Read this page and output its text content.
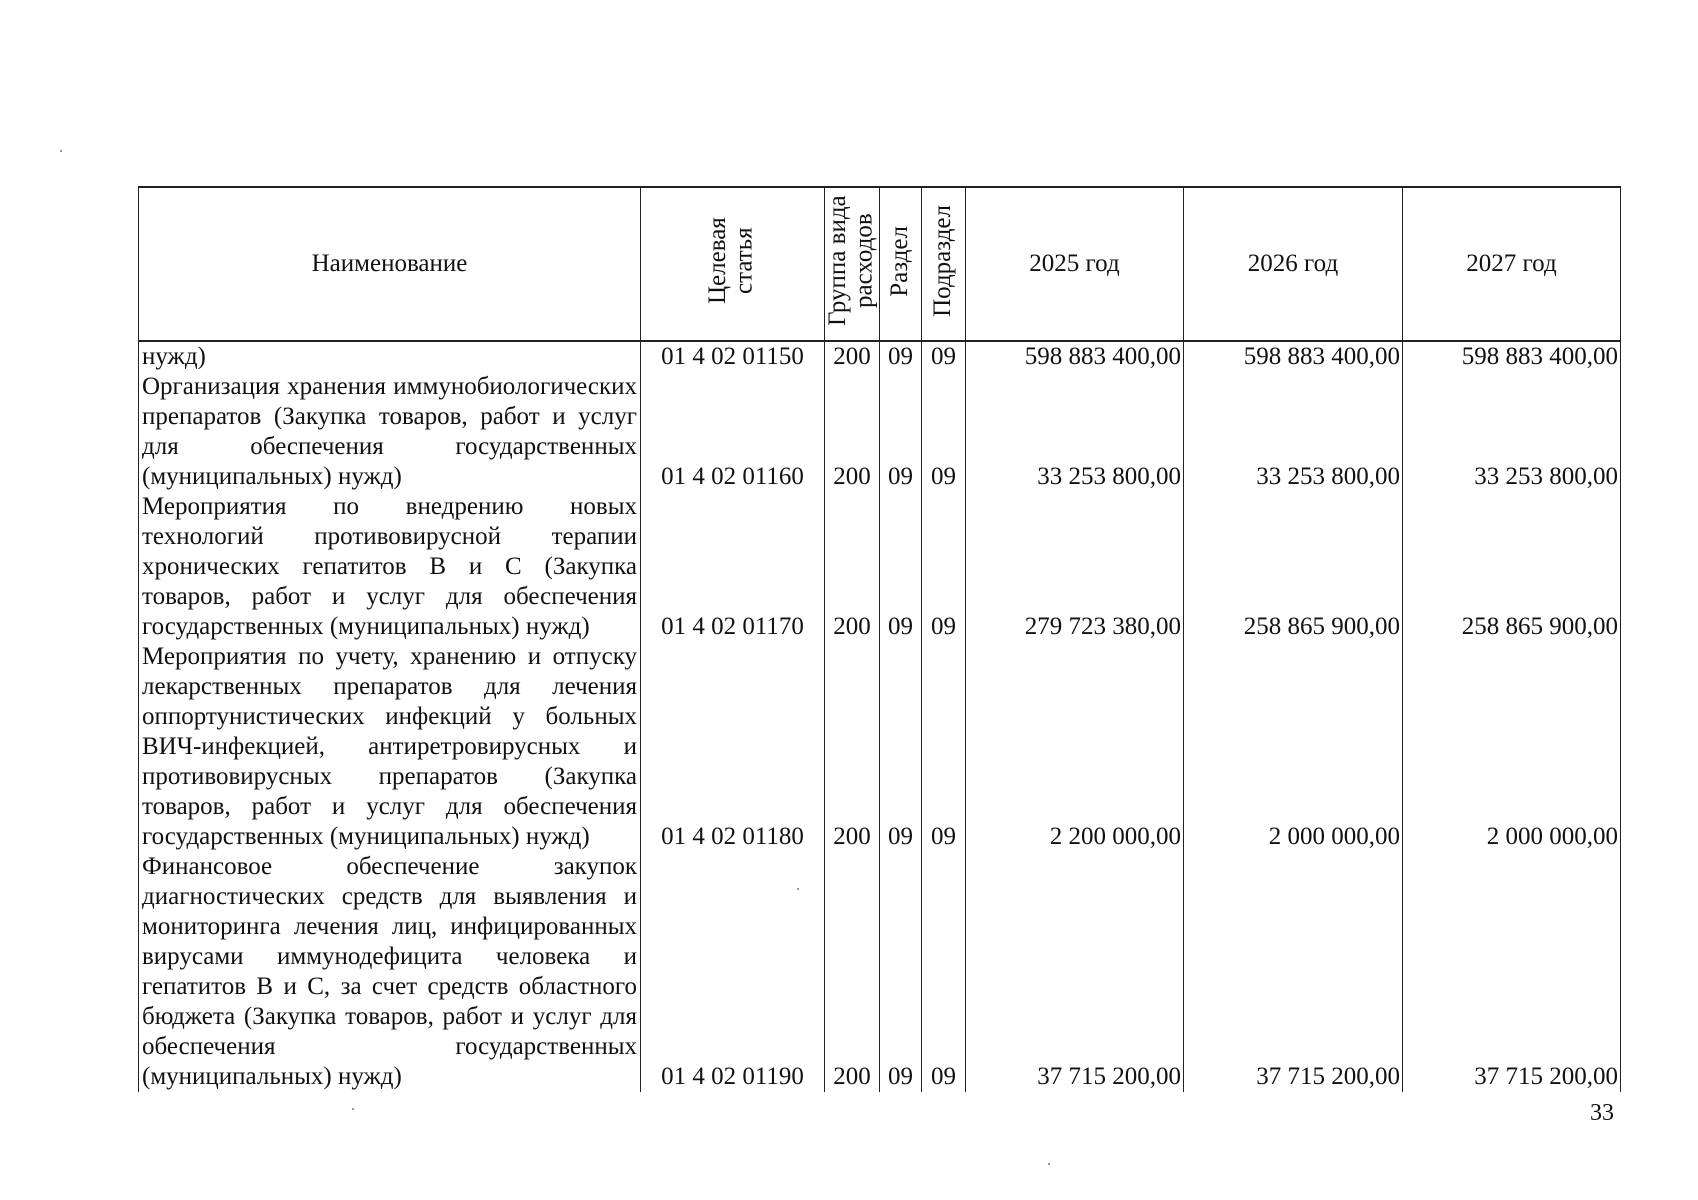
Наименование	Целевая статья	Группа вида расходов	Раздел	Подраздел	2025 год	2026 год	2027 год
нужд)	01 4 02 01150	200	09	09	598 883 400,00	598 883 400,00	598 883 400,00
Организация хранения иммунобиологических препаратов (Закупка товаров, работ и услуг для обеспечения государственных (муниципальных) нужд)	01 4 02 01160	200	09	09	33 253 800,00	33 253 800,00	33 253 800,00
Мероприятия по внедрению новых технологий противовирусной терапии хронических гепатитов В и С (Закупка товаров, работ и услуг для обеспечения государственных (муниципальных) нужд)	01 4 02 01170	200	09	09	279 723 380,00	258 865 900,00	258 865 900,00
Мероприятия по учету, хранению и отпуску лекарственных препаратов для лечения оппортунистических инфекций у больных ВИЧ-инфекцией, антиретровирусных и противовирусных препаратов (Закупка товаров, работ и услуг для обеспечения государственных (муниципальных) нужд)	01 4 02 01180	200	09	09	2 200 000,00	2 000 000,00	2 000 000,00
Финансовое обеспечение закупок диагностических средств для выявления и мониторинга лечения лиц, инфицированных вирусами иммунодефицита человека и гепатитов В и С, за счет средств областного бюджета (Закупка товаров, работ и услуг для обеспечения государственных (муниципальных) нужд)	01 4 02 01190	200	09	09	37 715 200,00	37 715 200,00	37 715 200,00
33
